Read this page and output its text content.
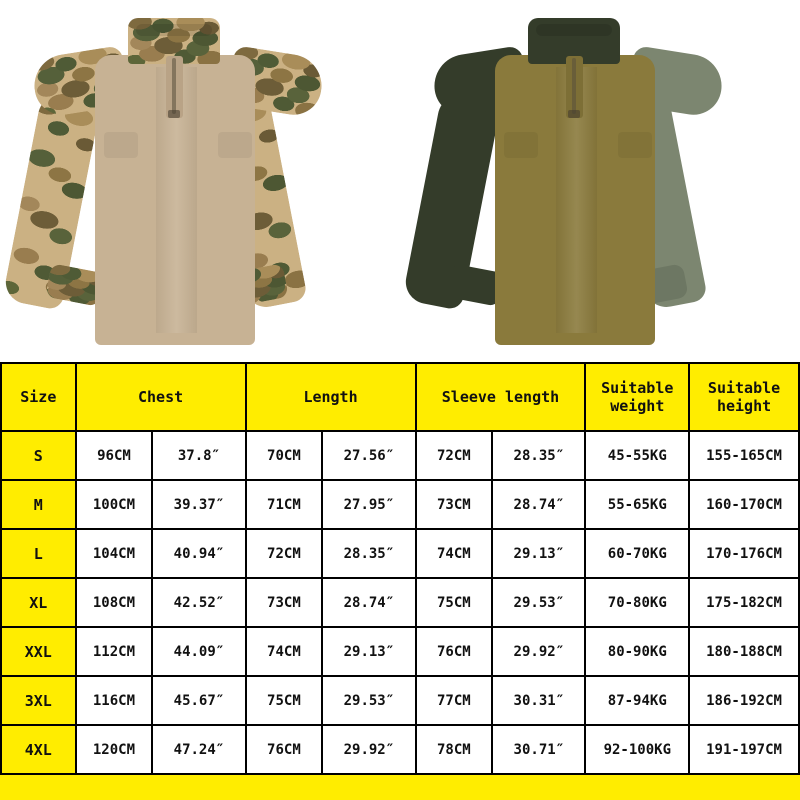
Size	Chest		Length		Sleeve length		Suitable weight	Suitable height
S	96CM	37.8″	70CM	27.56″	72CM	28.35″	45-55KG	155-165CM
M	100CM	39.37″	71CM	27.95″	73CM	28.74″	55-65KG	160-170CM
L	104CM	40.94″	72CM	28.35″	74CM	29.13″	60-70KG	170-176CM
XL	108CM	42.52″	73CM	28.74″	75CM	29.53″	70-80KG	175-182CM
XXL	112CM	44.09″	74CM	29.13″	76CM	29.92″	80-90KG	180-188CM
3XL	116CM	45.67″	75CM	29.53″	77CM	30.31″	87-94KG	186-192CM
4XL	120CM	47.24″	76CM	29.92″	78CM	30.71″	92-100KG	191-197CM
